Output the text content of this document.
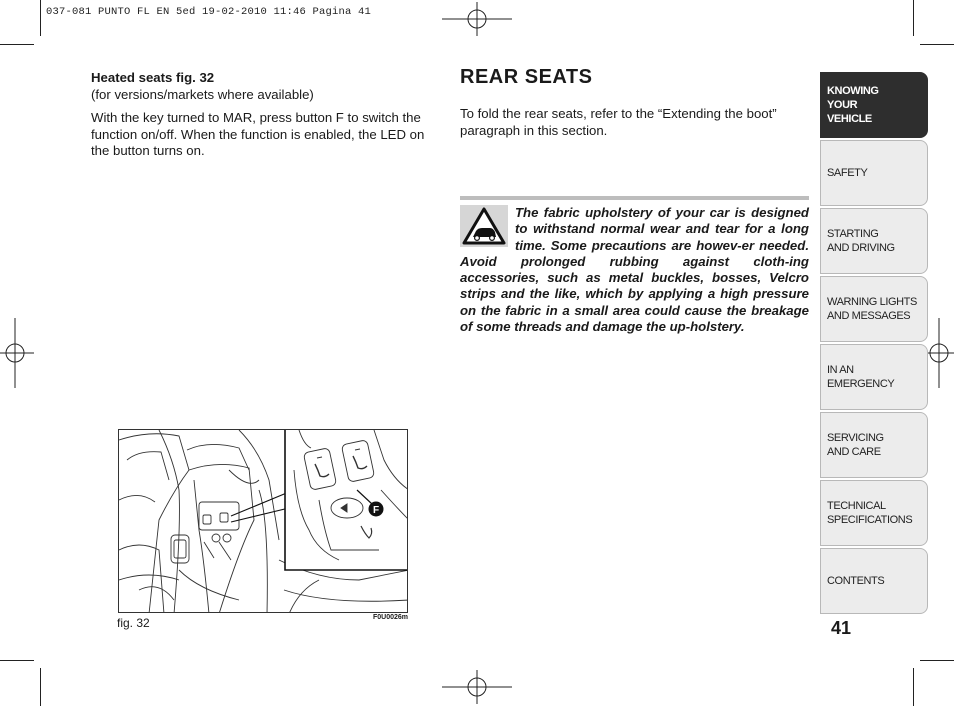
037-081 PUNTO FL EN 5ed 19-02-2010 11:46 Pagina 41
Heated seats fig. 32

(for versions/markets where available)

With the key turned to MAR, press button F to switch the function on/off. When the function is enabled, the LED on the button turns on.

REAR SEATS
To fold the rear seats, refer to the “Extending the boot” paragraph in this section.
The fabric upholstery of your car is designed to withstand normal wear and tear for a long time. Some precautions are howev-er needed. Avoid prolonged rubbing against cloth-ing accessories, such as metal buckles, bosses, Velcro strips and the like, which by applying a high pressure on the fabric in a small area could cause the breakage of some threads and damage the up-holstery.
F
fig. 32	F0U0026m
KNOWING
YOUR
VEHICLE
SAFETY
STARTING
AND DRIVING
WARNING LIGHTS
AND MESSAGES
IN AN
EMERGENCY
SERVICING
AND CARE
TECHNICAL
SPECIFICATIONS
CONTENTS
41
